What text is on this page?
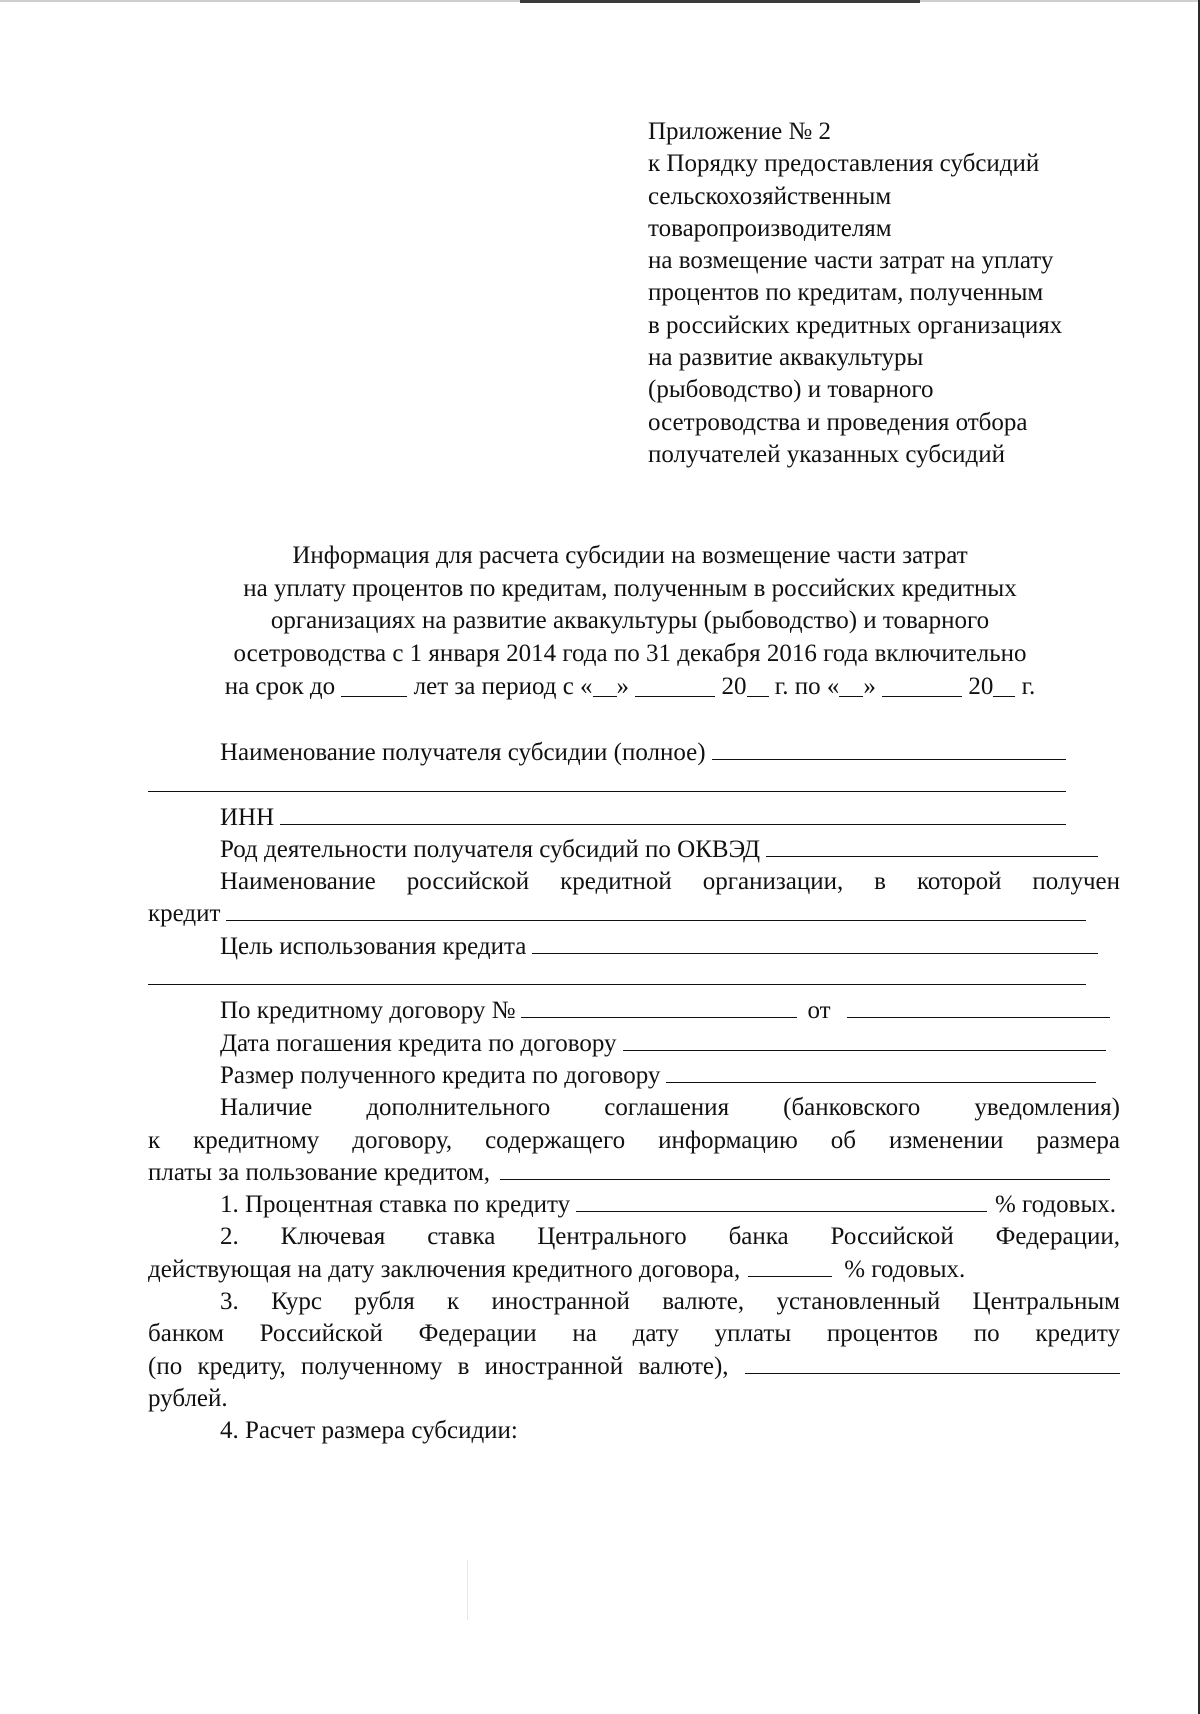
Приложение № 2
к Порядку предоставления субсидий
сельскохозяйственным
товаропроизводителям
на возмещение части затрат на уплату
процентов по кредитам, полученным
в российских кредитных организациях
на развитие аквакультуры
(рыбоводство) и товарного
осетроводства и проведения отбора
получателей указанных субсидий
Информация для расчета субсидии на возмещение части затрат
на уплату процентов по кредитам, полученным в российских кредитных
организациях на развитие аквакультуры (рыбоводство) и товарного
осетроводства с 1 января 2014 года по 31 декабря 2016 года включительно
на срок до	лет за период с « »	20 г. по « »	20 г.
Наименование получателя субсидии (полное)
ИНН
Род деятельности получателя субсидий по ОКВЭД
Наименование российской кредитной организации, в которой получен
кредит
Цель использования кредита
По кредитному договору №	от
Дата погашения кредита по договору
Размер полученного кредита по договору
Наличие дополнительного соглашения (банковского уведомления)
к кредитному договору, содержащего информацию об изменении размера
платы за пользование кредитом,
1. Процентная ставка по кредиту	% годовых.
2. Ключевая ставка Центрального банка Российской Федерации,
действующая на дату заключения кредитного договора,	% годовых.
3. Курс рубля к иностранной валюте, установленный Центральным
банком Российской Федерации на дату уплаты процентов по кредиту
(по кредиту, полученному в иностранной валюте),
рублей.
4. Расчет размера субсидии:
